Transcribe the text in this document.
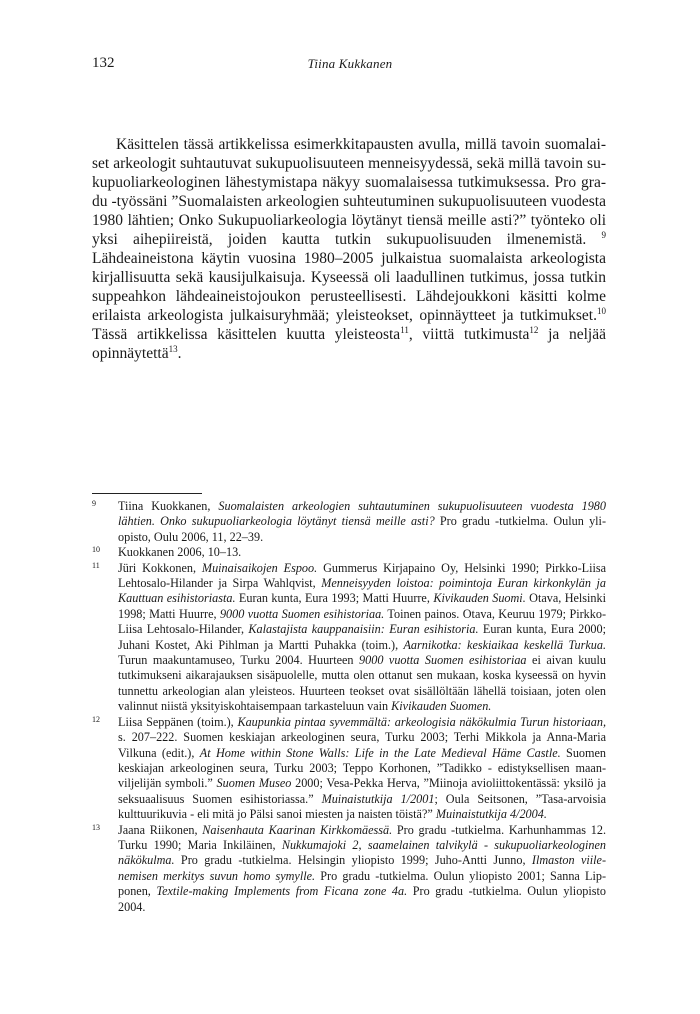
132	Tiina Kukkanen

Käsittelen tässä artikkelissa esimerkkitapausten avulla, millä tavoin suomalaiset arkeologit suhtautuvat sukupuolisuuteen menneisyydessä, sekä millä tavoin sukupuoliarkeologinen lähestymistapa näkyy suomalaisessa tutkimuksessa. Pro gradu -työssäni ”Suomalaisten arkeologien suhteutuminen sukupuolisuuteen vuodesta 1980 lähtien; Onko Sukupuoliarkeologia löytänyt tiensä meille asti?” työnteko oli yksi aihepiireistä, joiden kautta tutkin sukupuolisuuden ilmenemistä. $^9$ Lähdeaineistona käytin vuosina 1980–2005 julkaistua suomalaista arkeologista kirjallisuutta sekä kausijulkaisuja. Kyseessä oli laadullinen tutkimus, jossa tutkin suppeahkon lähdeaineistojoukon perusteellisesti. Lähdejoukkoni käsitti kolme erilaista arkeologista julkaisuryhmää; yleisteokset, opinnäytteet ja tutkimukset.$^{10}$ Tässä artikkelissa käsittelen kuutta yleisteosta$^{11}$, viittä tutkimusta$^{12}$ ja neljää opinnäytettä$^{13}$.

9	Tiina Kuokkanen, Suomalaisten arkeologien suhtautuminen sukupuolisuuteen vuodesta 1980 lähtien. Onko sukupuoliarkeologia löytänyt tiensä meille asti? Pro gradu -tutkielma. Oulun yliopisto, Oulu 2006, 11, 22–39.
10	Kuokkanen 2006, 10–13.
11	Jüri Kokkonen, Muinaisaikojen Espoo. Gummerus Kirjapaino Oy, Helsinki 1990; Pirkko-Liisa Lehtosalo-Hilander ja Sirpa Wahlqvist, Menneisyyden loistoa: poimintoja Euran kirkonkylän ja Kauttuan esihistoriasta. Euran kunta, Eura 1993; Matti Huurre, Kivikauden Suomi. Otava, Helsinki 1998; Matti Huurre, 9000 vuotta Suomen esihistoriaa. Toinen painos. Otava, Keuruu 1979; Pirkko-Liisa Lehtosalo-Hilander, Kalastajista kauppanaisiin: Euran esihistoria. Euran kunta, Eura 2000; Juhani Kostet, Aki Pihlman ja Martti Puhakka (toim.), Aarnikotka: keskiaikaa keskellä Turkua. Turun maakuntamuseo, Turku 2004. Huurteen 9000 vuotta Suomen esihistoriaa ei aivan kuulu tutkimukseni aikarajauksen sisäpuolelle, mutta olen ottanut sen mukaan, koska kyseessä on hyvin tunnettu arkeologian alan yleisteos. Huurteen teokset ovat sisällöltään lähellä toisiaan, joten olen valinnut niistä yksityiskohtaisempaan tarkasteluun vain Kivikauden Suomen.
12	Liisa Seppänen (toim.), Kaupunkia pintaa syvemmältä: arkeologisia näkökulmia Turun historiaan, s. 207–222. Suomen keskiajan arkeologinen seura, Turku 2003; Terhi Mikkola ja Anna-Maria Vilkuna (edit.), At Home within Stone Walls: Life in the Late Medieval Häme Castle. Suomen keskiajan arkeologinen seura, Turku 2003; Teppo Korhonen, ”Tadikko - edistyksellisen maanviljelijän symboli.” Suomen Museo 2000; Vesa-Pekka Herva, ”Miinoja avioliittokentässä: yksilö ja seksuaalisuus Suomen esihistoriassa.” Muinaistutkija 1/2001; Oula Seitsonen, ”Tasa-arvoisia kulttuurikuvia - eli mitä jo Pälsi sanoi miesten ja naisten töistä?” Muinaistutkija 4/2004.
13	Jaana Riikonen, Naisenhauta Kaarinan Kirkkomäessä. Pro gradu -tutkielma. Karhunhammas 12. Turku 1990; Maria Inkiläinen, Nukkumajoki 2, saamelainen talvikylä - sukupuoliarkeologinen näkökulma. Pro gradu -tutkielma. Helsingin yliopisto 1999; Juho-Antti Junno, Ilmaston viilenemisen merkitys suvun homo symylle. Pro gradu -tutkielma. Oulun yliopisto 2001; Sanna Lipponen, Textile-making Implements from Ficana zone 4a. Pro gradu -tutkielma. Oulun yliopisto 2004.
